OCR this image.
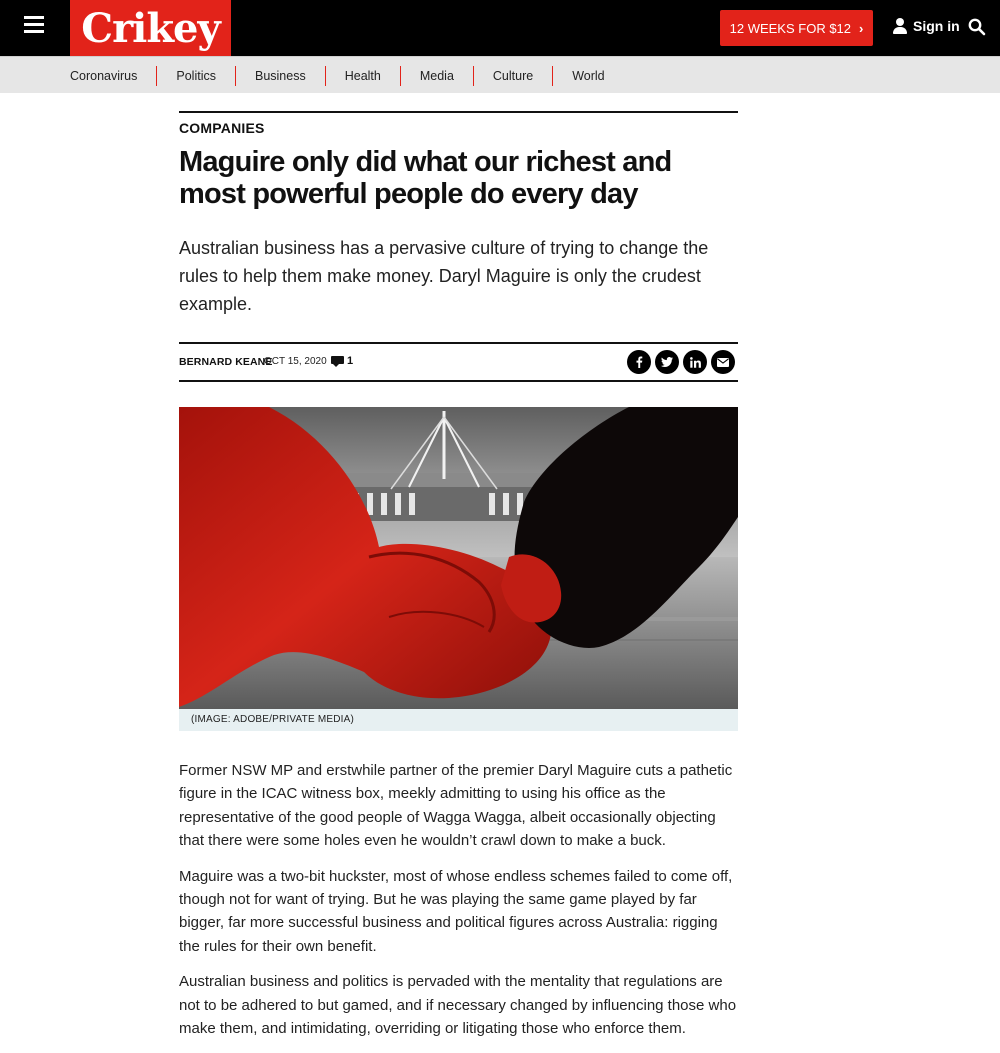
Crikey	12 WEEKS FOR $12 ›	Sign in
Coronavirus	Politics	Business	Health	Media	Culture	World
COMPANIES
Maguire only did what our richest and most powerful people do every day

Australian business has a pervasive culture of trying to change the rules to help them make money. Daryl Maguire is only the crudest example.

BERNARD KEANE
OCT 15, 2020 1
(IMAGE: ADOBE/PRIVATE MEDIA)

Former NSW MP and erstwhile partner of the premier Daryl Maguire cuts a pathetic figure in the ICAC witness box, meekly admitting to using his office as the representative of the good people of Wagga Wagga, albeit occasionally objecting that there were some holes even he wouldn’t crawl down to make a buck.

Maguire was a two-bit huckster, most of whose endless schemes failed to come off, though not for want of trying. But he was playing the same game played by far bigger, far more successful business and political figures across Australia: rigging the rules for their own benefit.

Australian business and politics is pervaded with the mentality that regulations are not to be adhered to but gamed, and if necessary changed by influencing those who make them, and intimidating, overriding or litigating those who enforce them.
